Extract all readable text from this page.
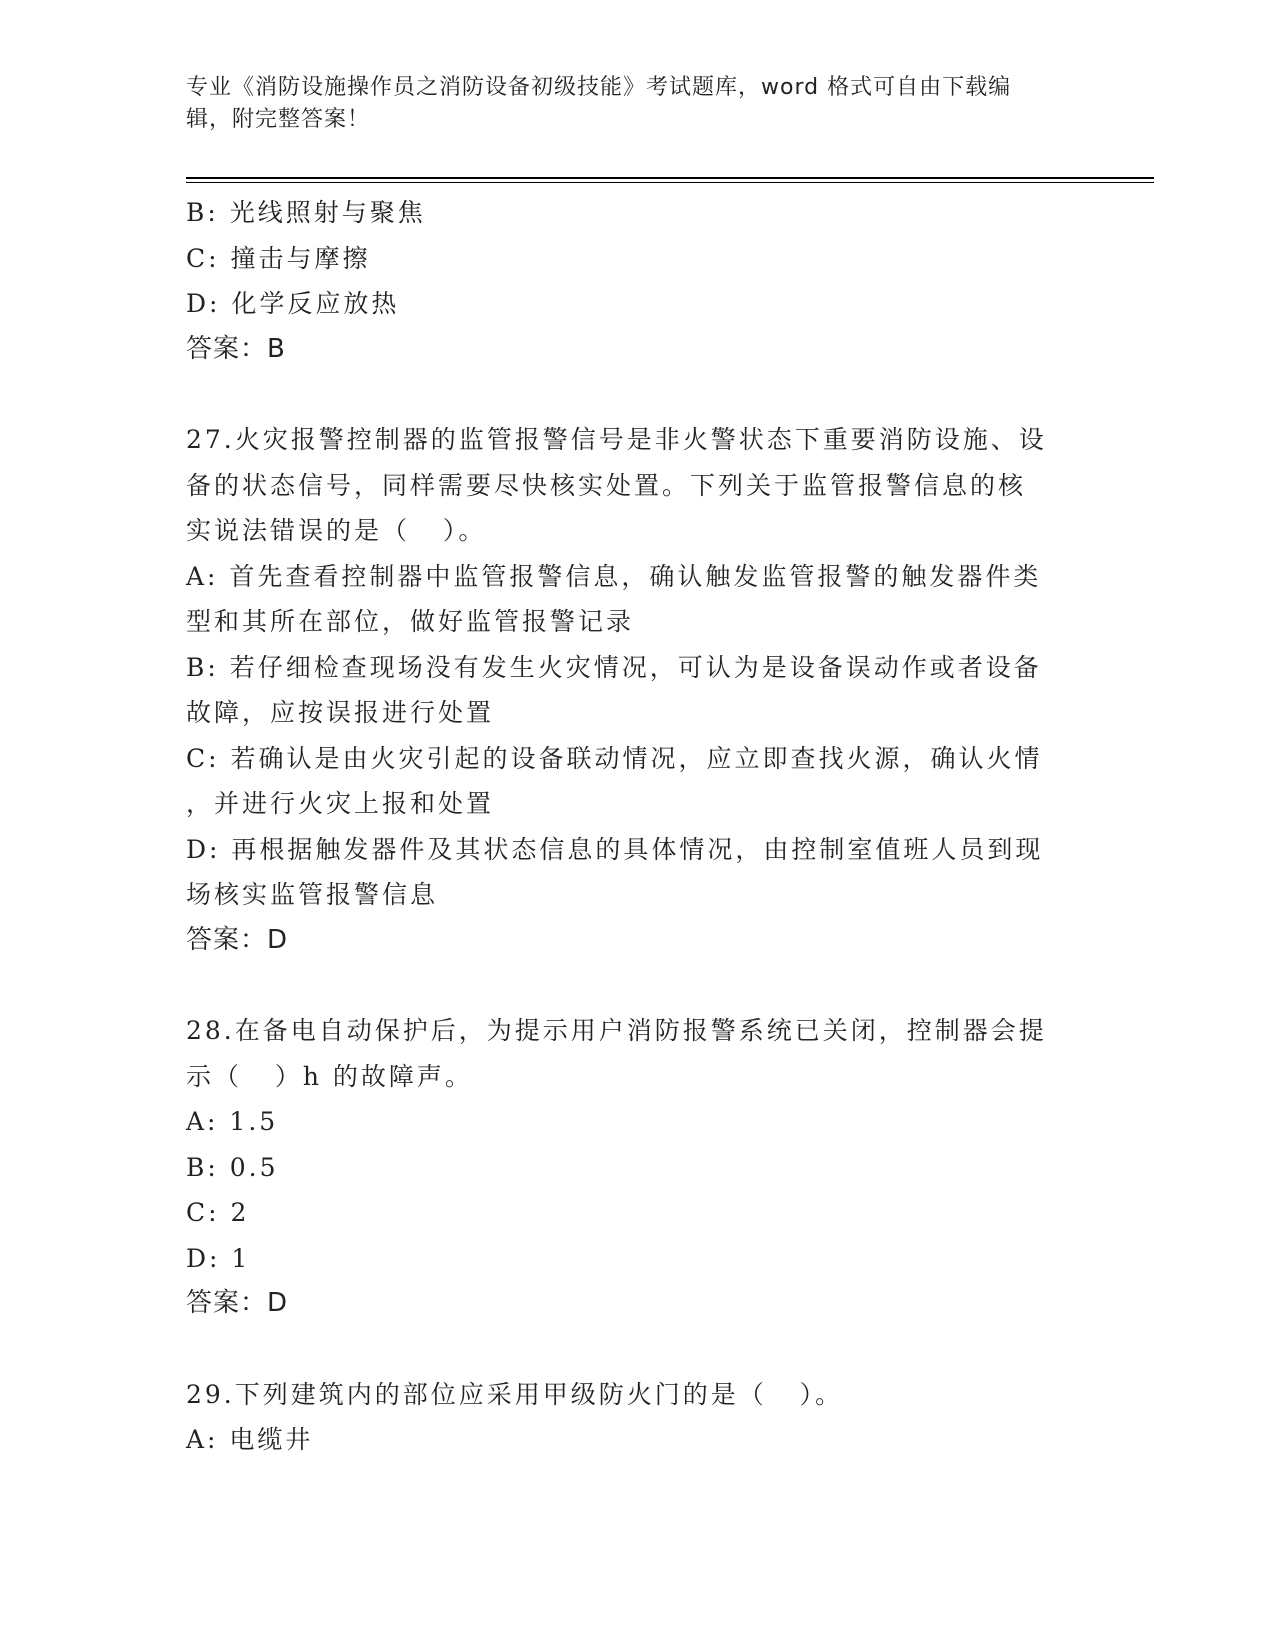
专业《消防设施操作员之消防设备初级技能》考试题库，word 格式可自由下载编
辑，附完整答案！

B: 光线照射与聚焦

C: 撞击与摩擦

D: 化学反应放热

答案：B

27.火灾报警控制器的监管报警信号是非火警状态下重要消防设施、设

备的状态信号，同样需要尽快核实处置。下列关于监管报警信息的核

实说法错误的是（   ）。

A: 首先查看控制器中监管报警信息，确认触发监管报警的触发器件类

型和其所在部位，做好监管报警记录

B: 若仔细检查现场没有发生火灾情况，可认为是设备误动作或者设备

故障，应按误报进行处置

C: 若确认是由火灾引起的设备联动情况，应立即查找火源，确认火情

，并进行火灾上报和处置

D: 再根据触发器件及其状态信息的具体情况，由控制室值班人员到现

场核实监管报警信息

答案：D

28.在备电自动保护后，为提示用户消防报警系统已关闭，控制器会提

示（   ）h 的故障声。

A: 1.5

B: 0.5

C: 2

D: 1

答案：D

29.下列建筑内的部位应采用甲级防火门的是（   ）。

A: 电缆井
